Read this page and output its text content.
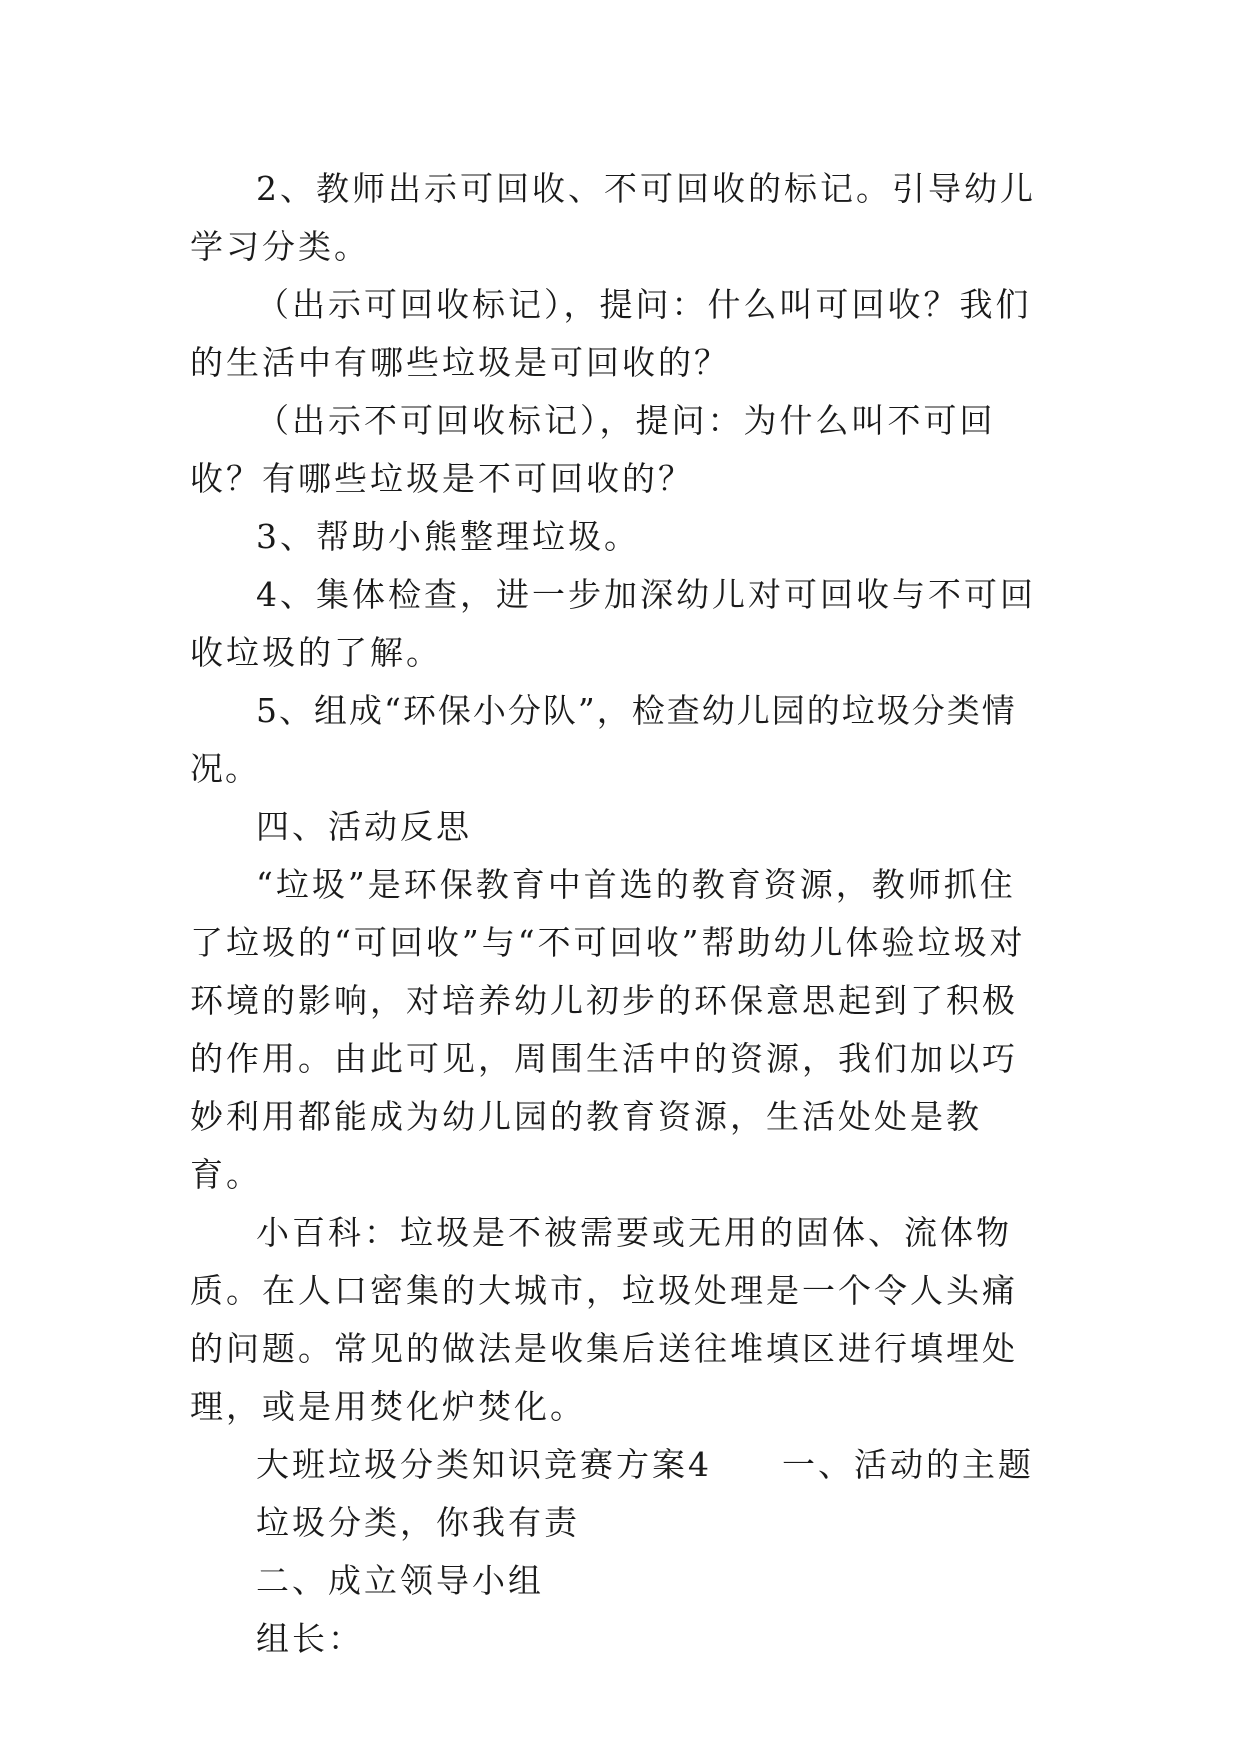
2、教师出示可回收、不可回收的标记。引导幼儿学习分类。

（出示可回收标记），提问：什么叫可回收？我们的生活中有哪些垃圾是可回收的？

（出示不可回收标记），提问：为什么叫不可回收？有哪些垃圾是不可回收的？

3、帮助小熊整理垃圾。

4、集体检查，进一步加深幼儿对可回收与不可回收垃圾的了解。

5、组成“环保小分队”，检查幼儿园的垃圾分类情况。

四、活动反思

“垃圾”是环保教育中首选的教育资源，教师抓住了垃圾的“可回收”与“不可回收”帮助幼儿体验垃圾对环境的影响，对培养幼儿初步的环保意思起到了积极的作用。由此可见，周围生活中的资源，我们加以巧妙利用都能成为幼儿园的教育资源，生活处处是教育。

小百科：垃圾是不被需要或无用的固体、流体物质。在人口密集的大城市，垃圾处理是一个令人头痛的问题。常见的做法是收集后送往堆填区进行填埋处理，或是用焚化炉焚化。

大班垃圾分类知识竞赛方案4 一、活动的主题

垃圾分类，你我有责

二、成立领导小组

组长：
